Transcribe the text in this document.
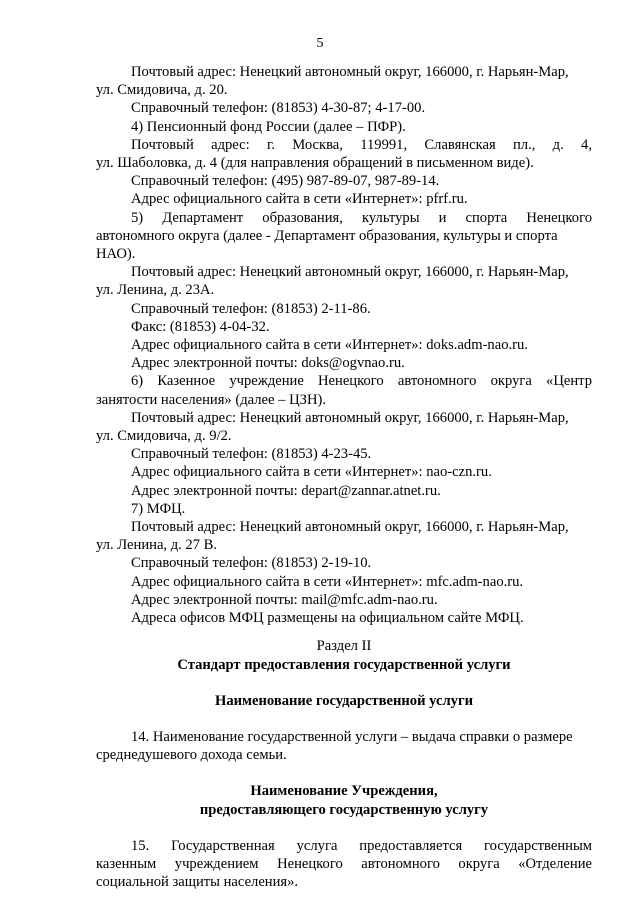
5
Почтовый адрес: Ненецкий автономный округ, 166000, г. Нарьян-Мар,
ул. Смидовича, д. 20.
Справочный телефон: (81853) 4-30-87; 4-17-00.
4) Пенсионный фонд России (далее – ПФР).
Почтовый адрес: г. Москва, 119991, Славянская пл., д. 4,
ул. Шаболовка, д. 4 (для направления обращений в письменном виде).
Справочный телефон: (495) 987-89-07, 987-89-14.
Адрес официального сайта в сети «Интернет»: pfrf.ru.
5) Департамент образования, культуры и спорта Ненецкого
автономного округа (далее - Департамент образования, культуры и спорта
НАО).
Почтовый адрес: Ненецкий автономный округ, 166000, г. Нарьян-Мар,
ул. Ленина, д. 23А.
Справочный телефон: (81853) 2-11-86.
Факс: (81853) 4-04-32.
Адрес официального сайта в сети «Интернет»: doks.adm-nao.ru.
Адрес электронной почты: doks@ogvnao.ru.
6) Казенное учреждение Ненецкого автономного округа «Центр
занятости населения» (далее – ЦЗН).
Почтовый адрес: Ненецкий автономный округ, 166000, г. Нарьян-Мар,
ул. Смидовича, д. 9/2.
Справочный телефон: (81853) 4-23-45.
Адрес официального сайта в сети «Интернет»: nao-czn.ru.
Адрес электронной почты: depart@zannar.atnet.ru.
7) МФЦ.
Почтовый адрес: Ненецкий автономный округ, 166000, г. Нарьян-Мар,
ул. Ленина, д. 27 В.
Справочный телефон: (81853) 2-19-10.
Адрес официального сайта в сети «Интернет»: mfc.adm-nao.ru.
Адрес электронной почты: mail@mfc.adm-nao.ru.
Адреса офисов МФЦ размещены на официальном сайте МФЦ.
Раздел II
Стандарт предоставления государственной услуги
Наименование государственной услуги
14. Наименование государственной услуги – выдача справки о размере
среднедушевого дохода семьи.
Наименование Учреждения,
предоставляющего государственную услугу
15. Государственная услуга предоставляется государственным
казенным учреждением Ненецкого автономного округа «Отделение
социальной защиты населения».
